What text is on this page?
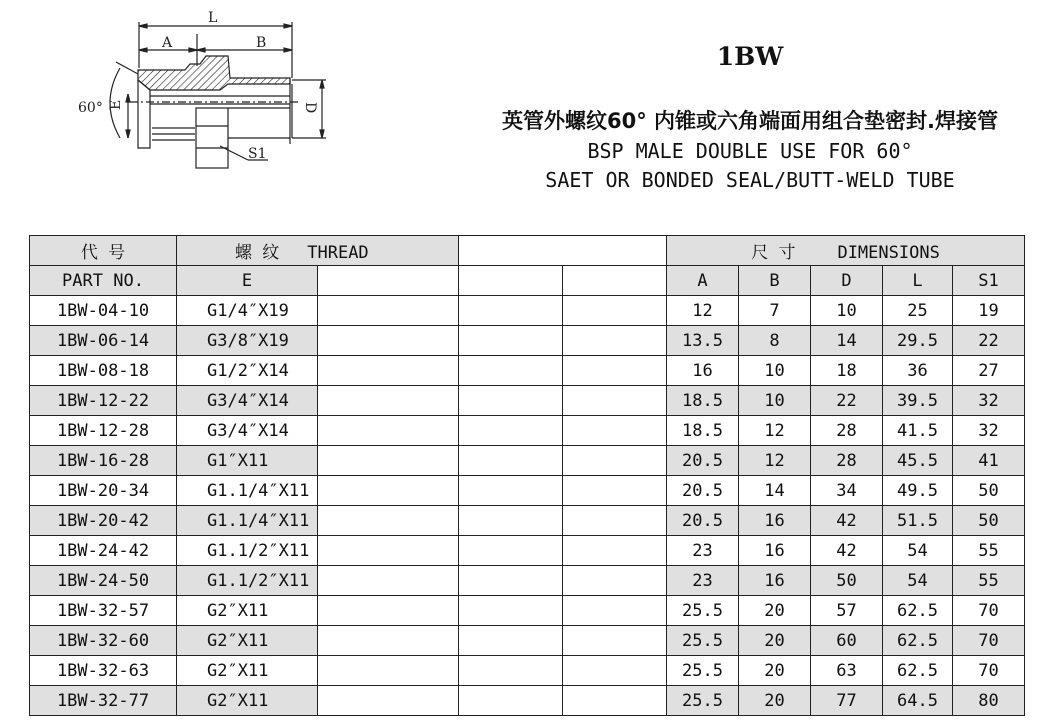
L
A	B
D
E
S1
60°
1BW
英管外螺纹60° 内锥或六角端面用组合垫密封.焊接管
BSP MALE DOUBLE USE FOR 60°
SAET OR BONDED SEAL/BUTT-WELD TUBE
代 号	螺 纹 THREAD				尺 寸 DIMENSIONS				
PART NO.	E				A	B	D	L	S1
1BW-04-10	G1/4″X19				12	7	10	25	19
1BW-06-14	G3/8″X19				13.5	8	14	29.5	22
1BW-08-18	G1/2″X14				16	10	18	36	27
1BW-12-22	G3/4″X14				18.5	10	22	39.5	32
1BW-12-28	G3/4″X14				18.5	12	28	41.5	32
1BW-16-28	G1″X11				20.5	12	28	45.5	41
1BW-20-34	G1.1/4″X11				20.5	14	34	49.5	50
1BW-20-42	G1.1/4″X11				20.5	16	42	51.5	50
1BW-24-42	G1.1/2″X11				23	16	42	54	55
1BW-24-50	G1.1/2″X11				23	16	50	54	55
1BW-32-57	G2″X11				25.5	20	57	62.5	70
1BW-32-60	G2″X11				25.5	20	60	62.5	70
1BW-32-63	G2″X11				25.5	20	63	62.5	70
1BW-32-77	G2″X11				25.5	20	77	64.5	80
